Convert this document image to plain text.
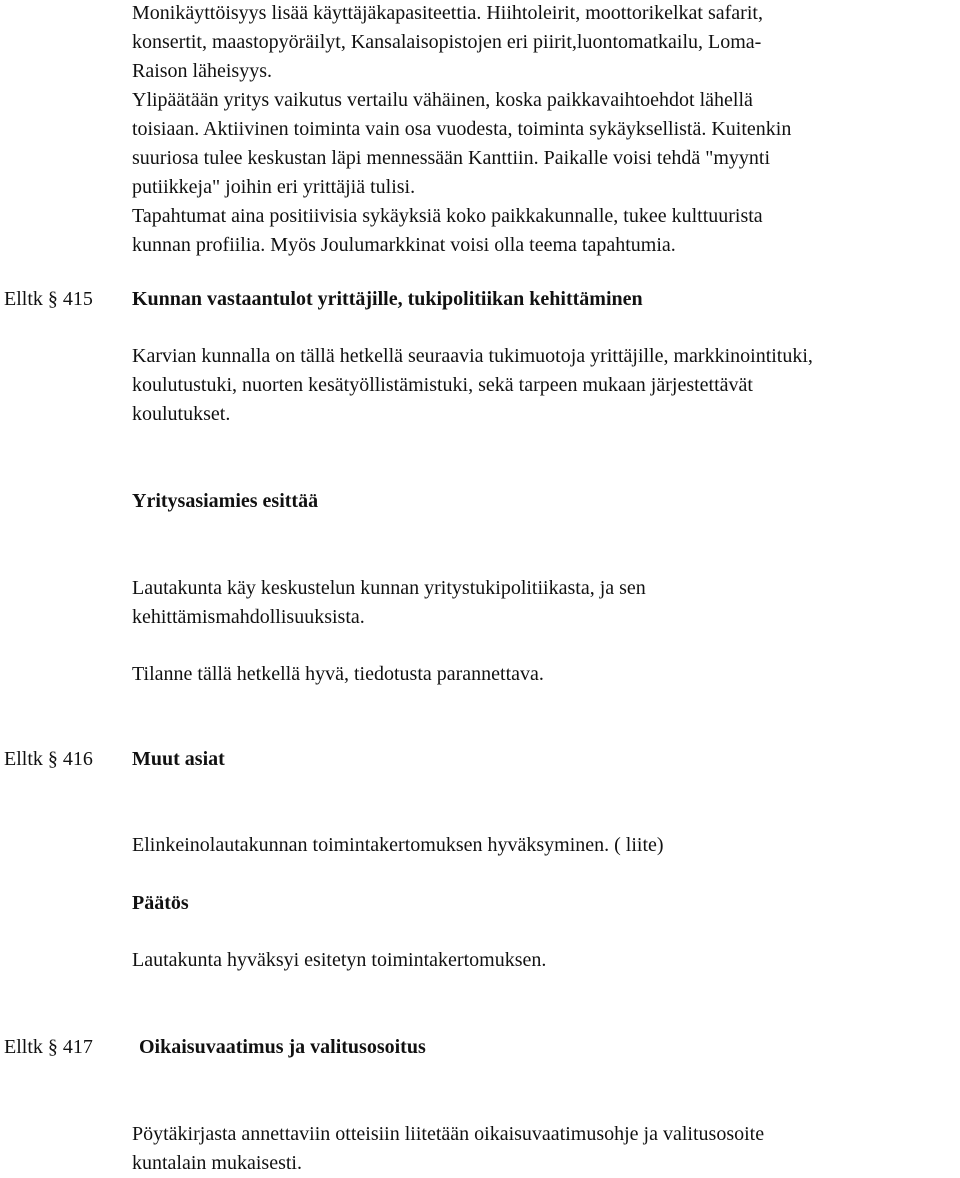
Monikäyttöisyys lisää käyttäjäkapasiteettia. Hiihtoleirit, moottorikelkat safarit,
konsertit, maastopyöräilyt, Kansalaisopistojen eri piirit,luontomatkailu, Loma-
Raison läheisyys.
Ylipäätään yritys vaikutus vertailu vähäinen, koska paikkavaihtoehdot lähellä
toisiaan. Aktiivinen toiminta vain osa vuodesta, toiminta sykäyksellistä. Kuitenkin
suuriosa tulee keskustan läpi mennessään Kanttiin. Paikalle voisi tehdä "myynti
putiikkeja" joihin eri yrittäjiä tulisi.
Tapahtumat aina positiivisia sykäyksiä koko paikkakunnalle, tukee kulttuurista
kunnan profiilia. Myös Joulumarkkinat voisi olla teema tapahtumia.

Elltk § 415 Kunnan vastaantulot yrittäjille, tukipolitiikan kehittäminen

Karvian kunnalla on tällä hetkellä seuraavia tukimuotoja yrittäjille, markkinointituki,
koulutustuki, nuorten kesätyöllistämistuki, sekä tarpeen mukaan järjestettävät
koulutukset.

Yritysasiamies esittää

Lautakunta käy keskustelun kunnan yritystukipolitiikasta, ja sen
kehittämismahdollisuuksista.

Tilanne tällä hetkellä hyvä, tiedotusta parannettava.

Elltk § 416 Muut asiat

Elinkeinolautakunnan toimintakertomuksen hyväksyminen. ( liite)

Päätös

Lautakunta hyväksyi esitetyn toimintakertomuksen.

Elltk § 417 Oikaisuvaatimus ja valitusosoitus

Pöytäkirjasta annettaviin otteisiin liitetään oikaisuvaatimusohje ja valitusosoite
kuntalain mukaisesti.
